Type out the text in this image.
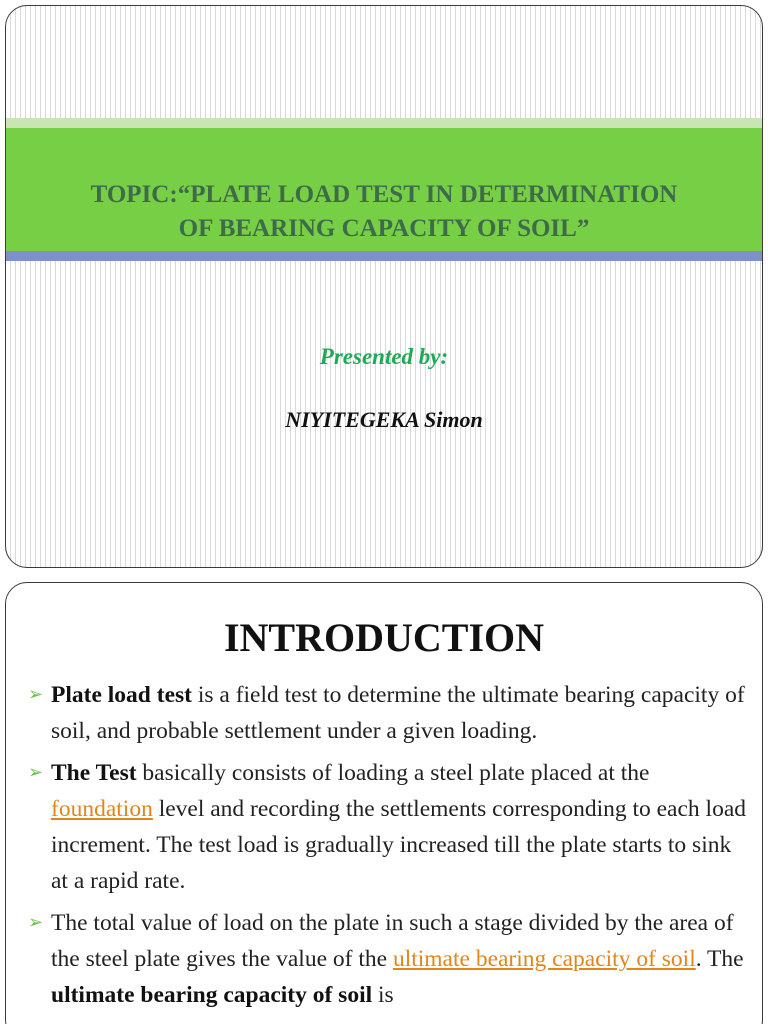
TOPIC:“PLATE LOAD TEST IN DETERMINATION
OF BEARING CAPACITY OF SOIL”

Presented by:

NIYITEGEKA Simon

INTRODUCTION
➢ Plate load test is a field test to determine the ultimate bearing capacity of soil, and probable settlement under a given loading.
➢ The Test basically consists of loading a steel plate placed at the foundation level and recording the settlements corresponding to each load increment. The test load is gradually increased till the plate starts to sink at a rapid rate.
➢ The total value of load on the plate in such a stage divided by the area of the steel plate gives the value of the ultimate bearing capacity of soil. The ultimate bearing capacity of soil is
